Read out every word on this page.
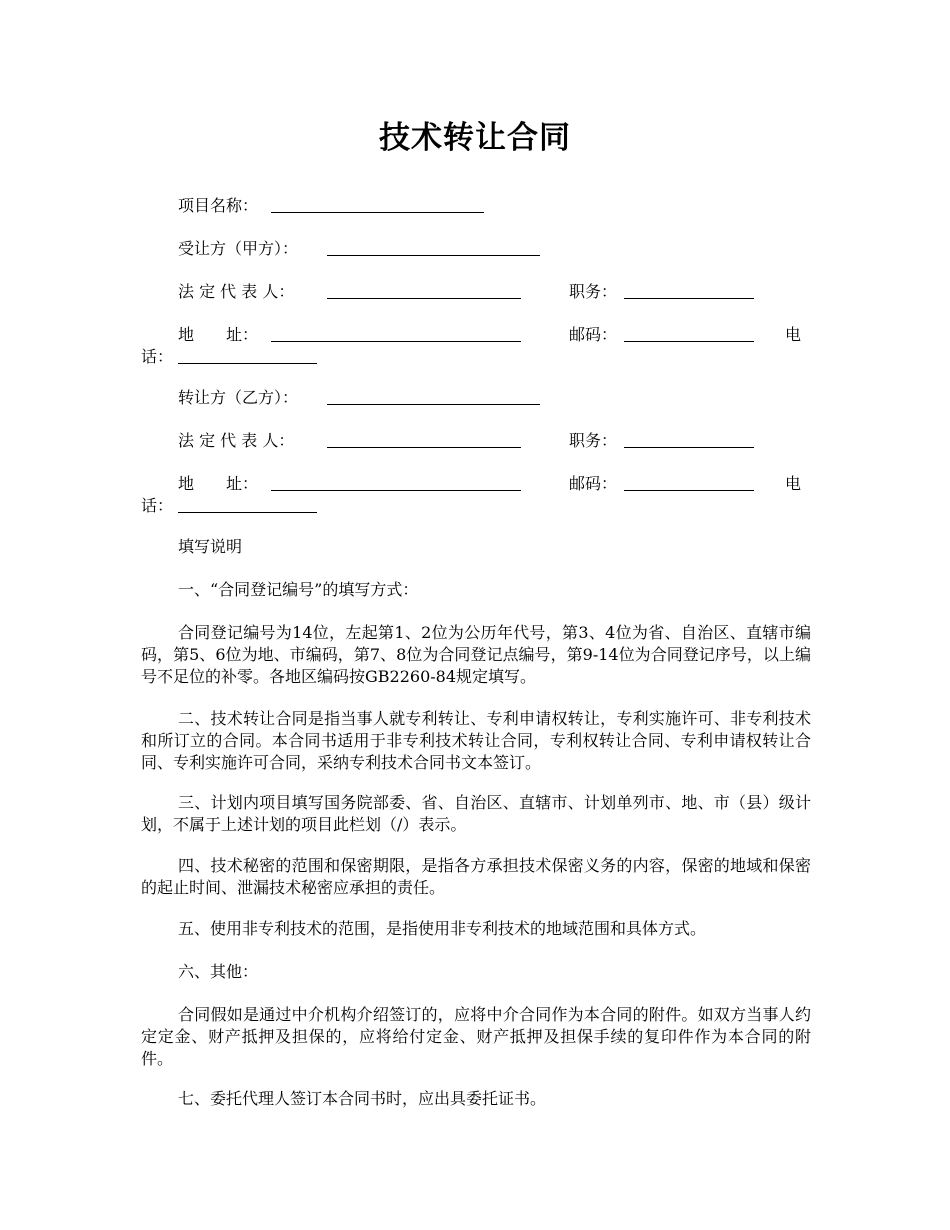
技术转让合同
项目名称：
受让方（甲方）：
法 定 代 表 人：	职务：
地　　址：	邮码：	电
话：
转让方（乙方）：
法 定 代 表 人：	职务：
地　　址：	邮码：	电
话：
填写说明
一、“合同登记编号”的填写方式：
合同登记编号为14位，左起第1、2位为公历年代号，第3、4位为省、自治区、直辖市编码，第5、6位为地、市编码，第7、8位为合同登记点编号，第9-14位为合同登记序号，以上编号不足位的补零。各地区编码按GB2260-84规定填写。
二、技术转让合同是指当事人就专利转让、专利申请权转让，专利实施许可、非专利技术和所订立的合同。本合同书适用于非专利技术转让合同，专利权转让合同、专利申请权转让合同、专利实施许可合同，采纳专利技术合同书文本签订。
三、计划内项目填写国务院部委、省、自治区、直辖市、计划单列市、地、市（县）级计划，不属于上述计划的项目此栏划（/）表示。
四、技术秘密的范围和保密期限，是指各方承担技术保密义务的内容，保密的地域和保密的起止时间、泄漏技术秘密应承担的责任。
五、使用非专利技术的范围，是指使用非专利技术的地域范围和具体方式。
六、其他：
合同假如是通过中介机构介绍签订的，应将中介合同作为本合同的附件。如双方当事人约定定金、财产抵押及担保的，应将给付定金、财产抵押及担保手续的复印件作为本合同的附件。
七、委托代理人签订本合同书时，应出具委托证书。
